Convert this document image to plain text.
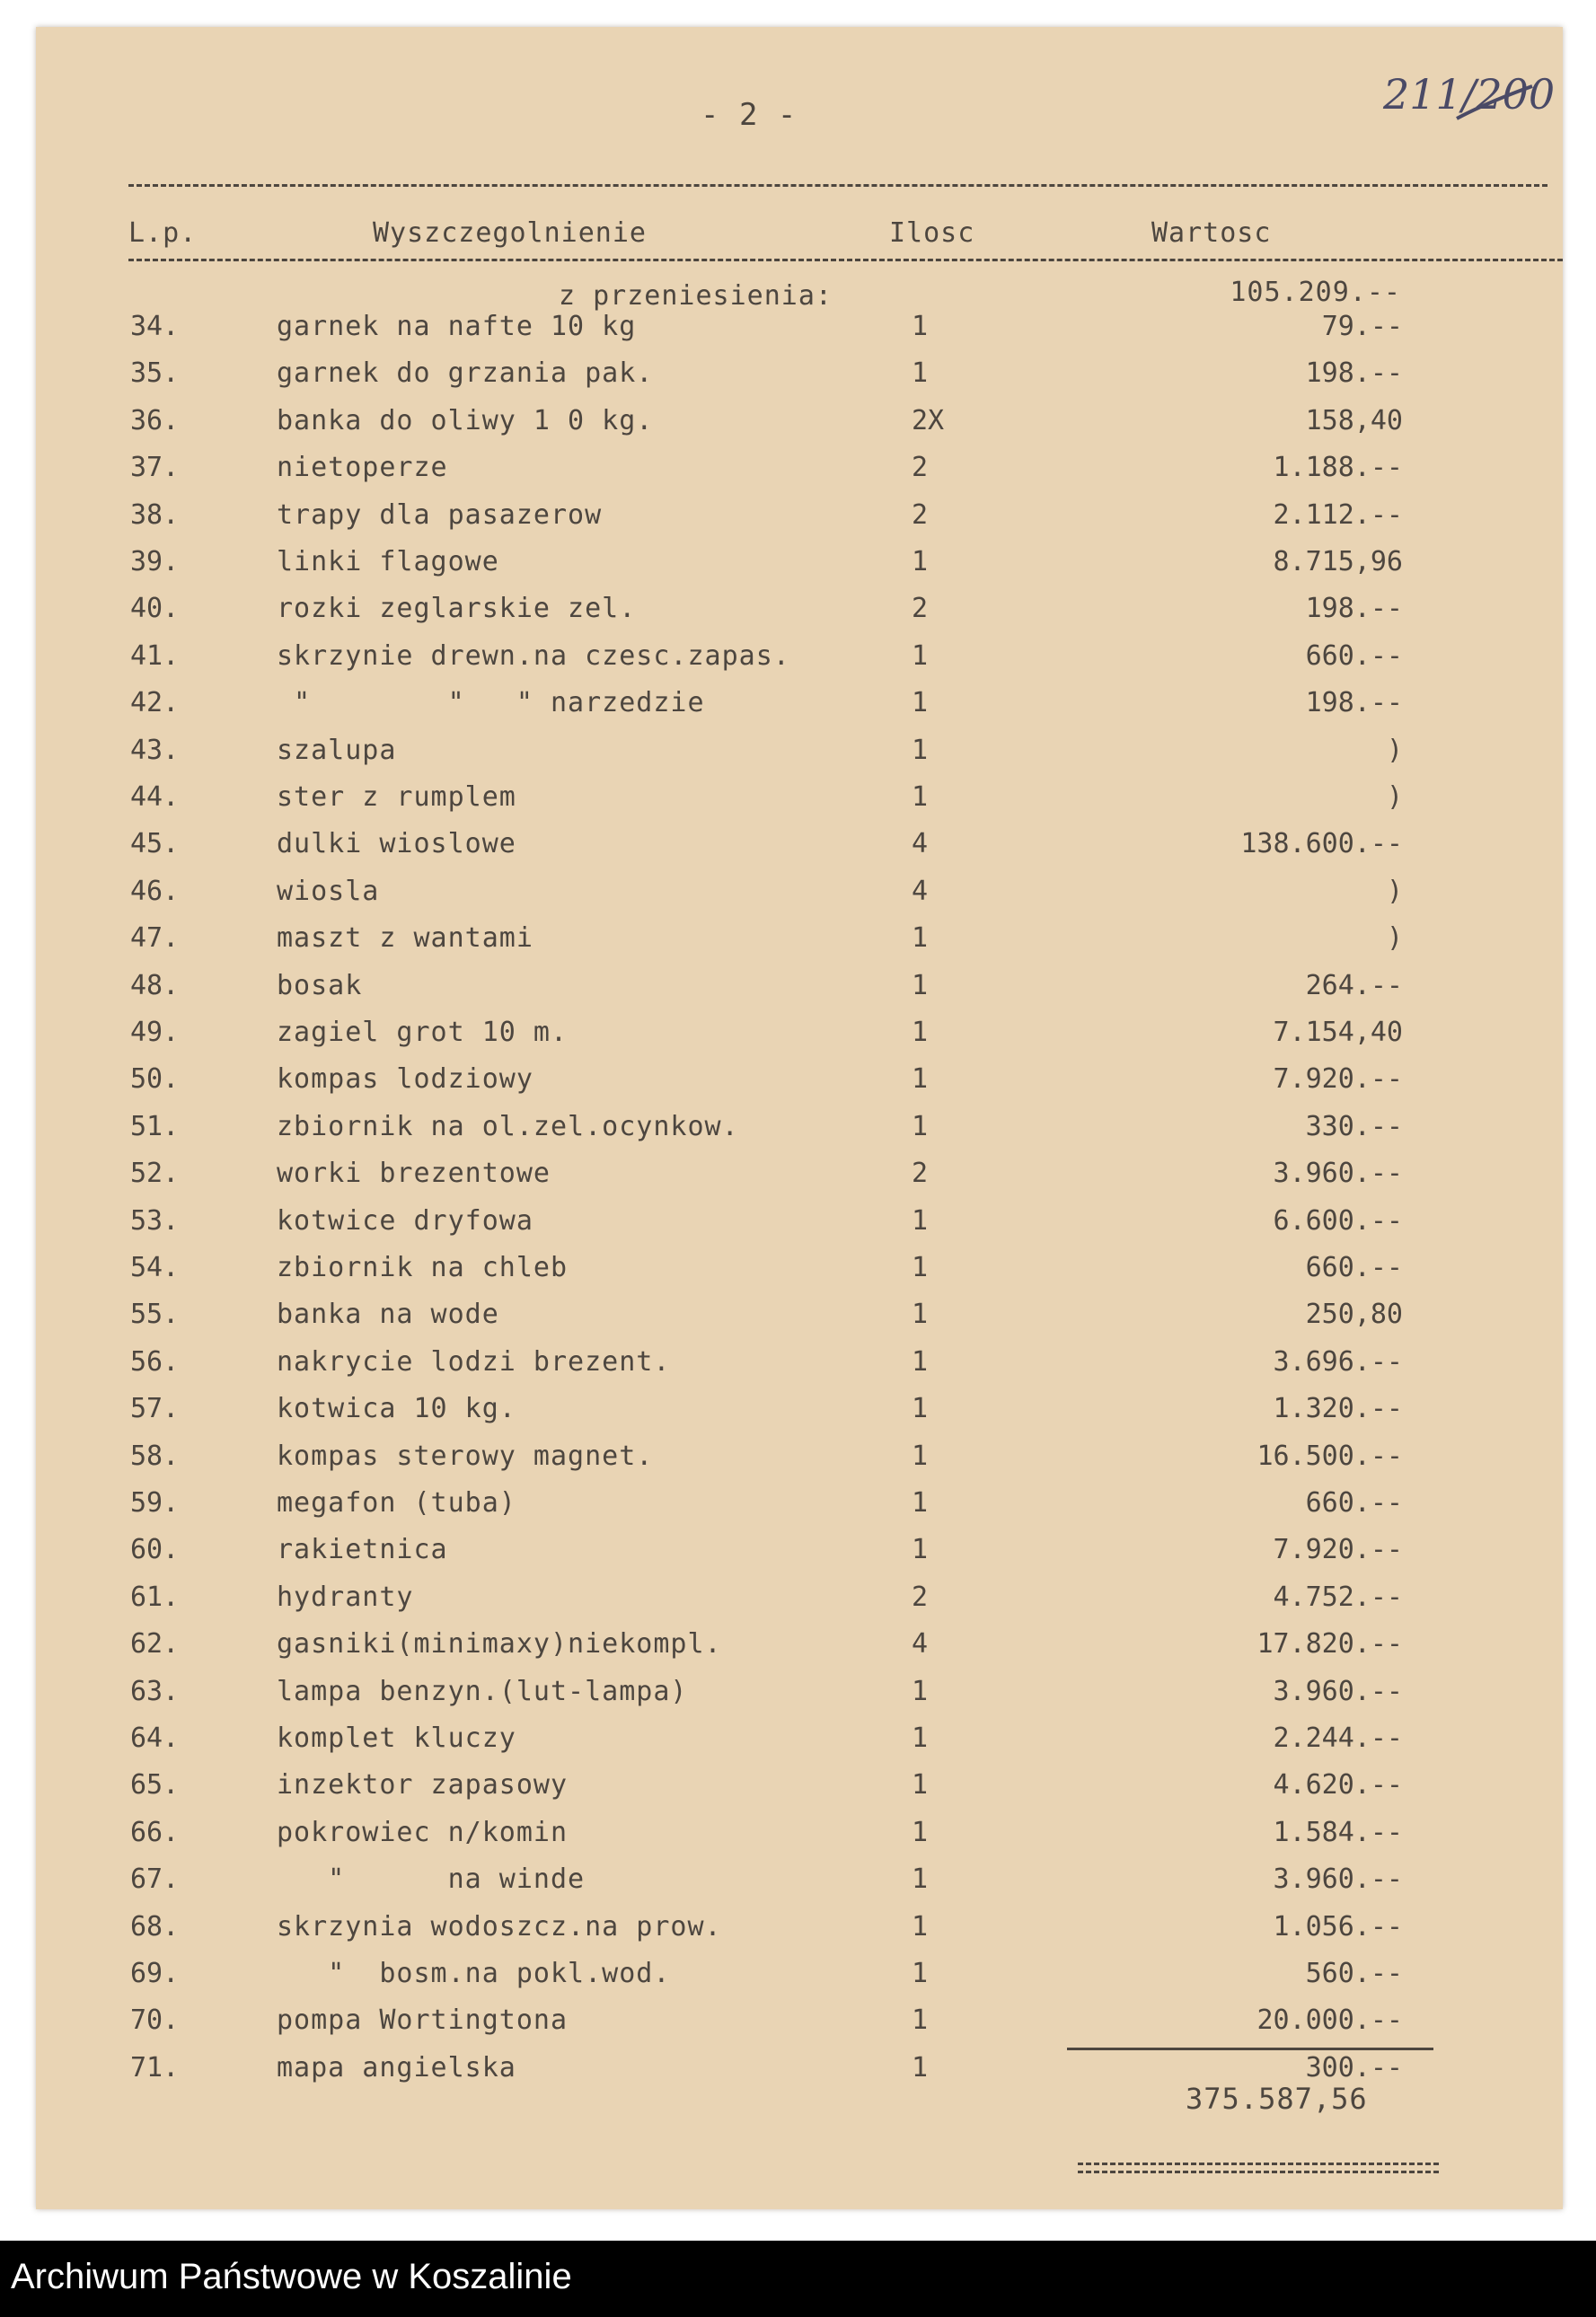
- 2 -	211/200
L.p.	Wyszczegolnienie	Ilosc	Wartosc
z przeniesienia:	105.209.--
34.	garnek na nafte 10 kg	1	79.--
35.	garnek do grzania pak.	1	198.--
36.	banka do oliwy 1 0 kg.	2X	158,40
37.	nietoperze	2	1.188.--
38.	trapy dla pasazerow	2	2.112.--
39.	linki flagowe	1	8.715,96
40.	rozki zeglarskie zel.	2	198.--
41.	skrzynie drewn.na czesc.zapas.	1	660.--
42.	"        "   " narzedzie	1	198.--
43.	szalupa	1	)
44.	ster z rumplem	1	)
45.	dulki wioslowe	4	138.600.--
46.	wiosla	4	)
47.	maszt z wantami	1	)
48.	bosak	1	264.--
49.	zagiel grot 10 m.	1	7.154,40
50.	kompas lodziowy	1	7.920.--
51.	zbiornik na ol.zel.ocynkow.	1	330.--
52.	worki brezentowe	2	3.960.--
53.	kotwice dryfowa	1	6.600.--
54.	zbiornik na chleb	1	660.--
55.	banka na wode	1	250,80
56.	nakrycie lodzi brezent.	1	3.696.--
57.	kotwica 10 kg.	1	1.320.--
58.	kompas sterowy magnet.	1	16.500.--
59.	megafon (tuba)	1	660.--
60.	rakietnica	1	7.920.--
61.	hydranty	2	4.752.--
62.	gasniki(minimaxy)niekompl.	4	17.820.--
63.	lampa benzyn.(lut-lampa)	1	3.960.--
64.	komplet kluczy	1	2.244.--
65.	inzektor zapasowy	1	4.620.--
66.	pokrowiec n/komin	1	1.584.--
67.	"      na winde	1	3.960.--
68.	skrzynia wodoszcz.na prow.	1	1.056.--
69.	"  bosm.na pokl.wod.	1	560.--
70.	pompa Wortingtona	1	20.000.--
71.	mapa angielska	1	300.--
375.587,56
Archiwum Państwowe w Koszalinie
